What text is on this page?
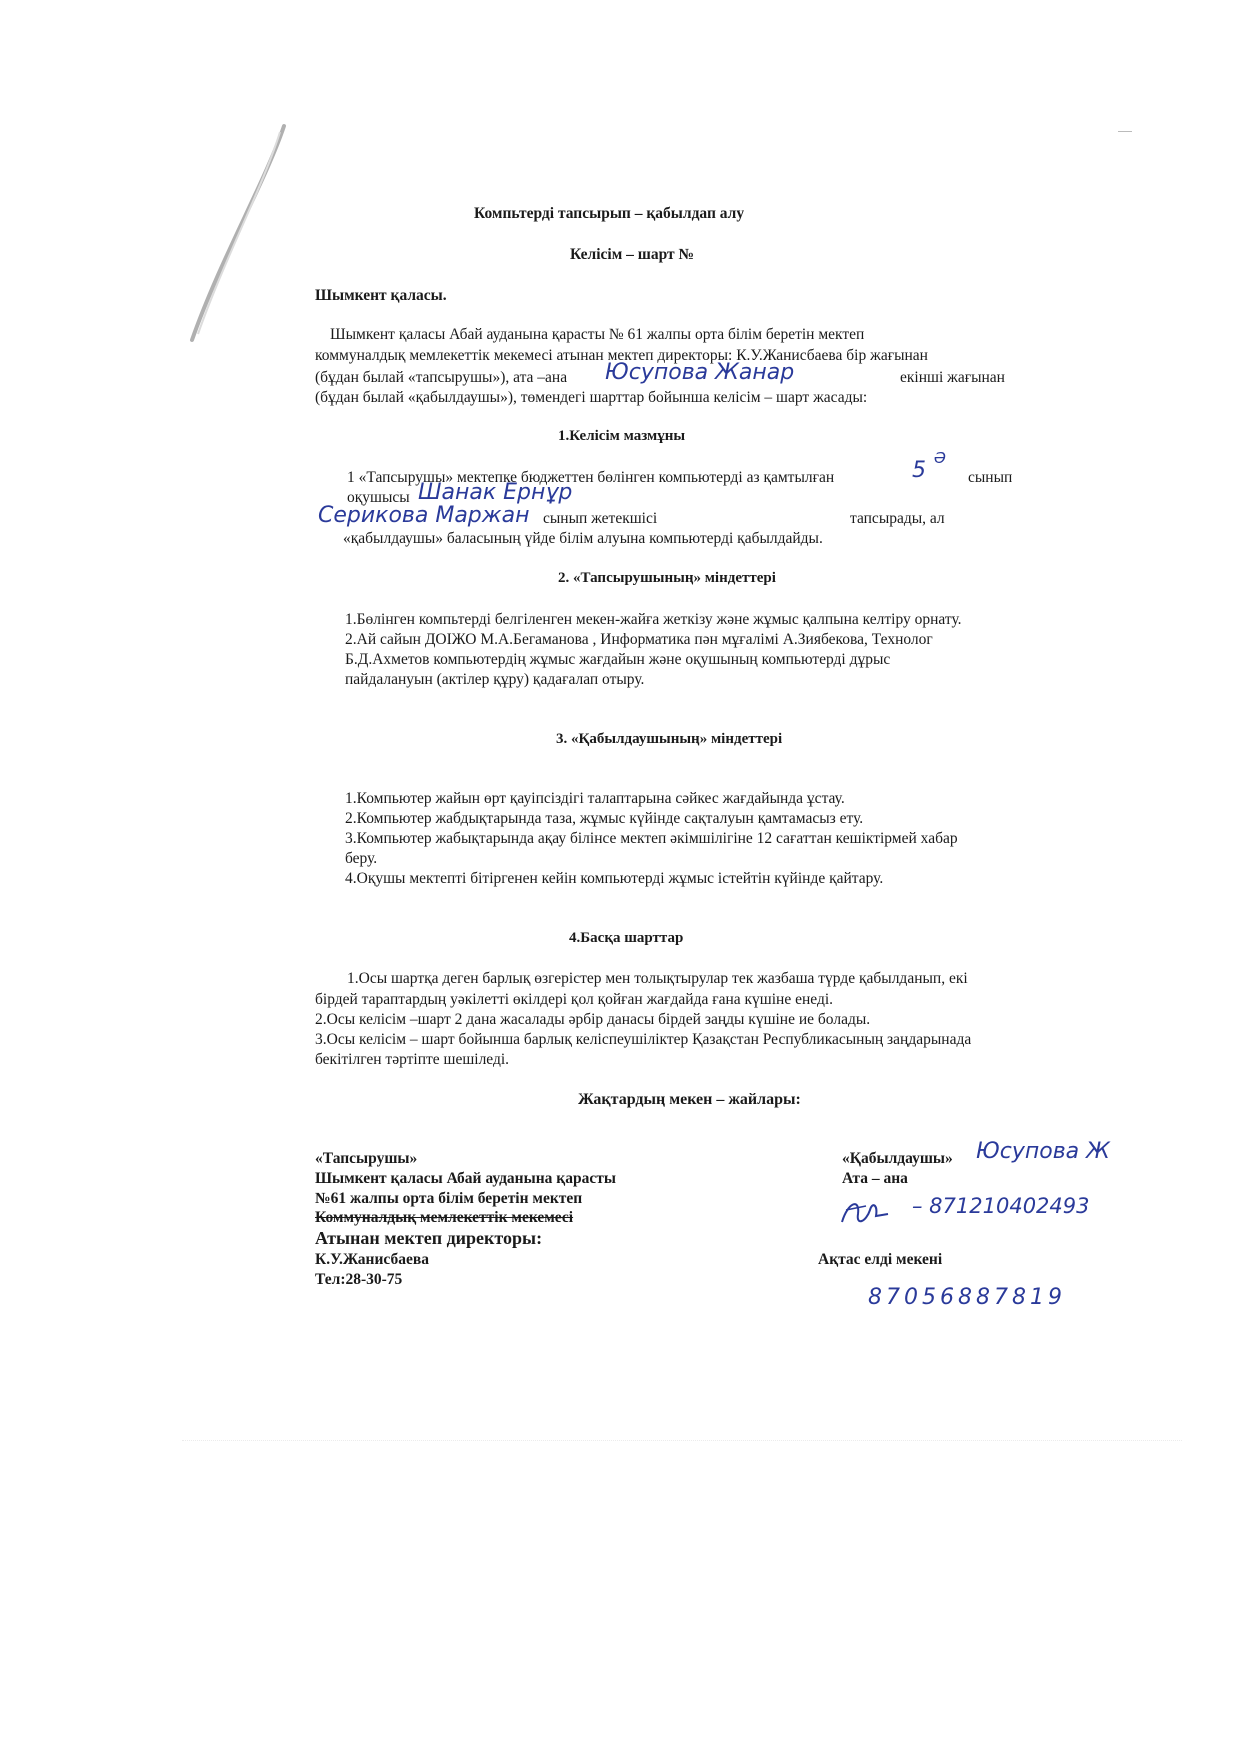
Компьтерді тапсырып – қабылдап алу
Келісім – шарт №
Шымкент қаласы.
Шымкент қаласы Абай ауданына қарасты № 61 жалпы орта білім беретін мектеп
коммуналдық мемлекеттік мекемесі атынан мектеп директоры: К.У.Жанисбаева бір жағынан
(бұдан былай «тапсырушы»), ата –ана Юсупова Жанар	екінші жағынан
(бұдан былай «қабылдаушы»), төмендегі шарттар бойынша келісім – шарт жасады:
1.Келісім мазмұны
1 «Тапсырушы» мектепке бюджеттен бөлінген компьютерді аз қамтылған	5 Ә
сынып
оқушысы Шанак Ернұр
Серикова Маржан сынып жетекшісі	тапсырады, ал
«қабылдаушы» баласының үйде білім алуына компьютерді қабылдайды.
2. «Тапсырушының» міндеттері
1.Бөлінген компьтерді белгіленген мекен-жайға жеткізу және жұмыс қалпына келтіру орнату.
2.Ай сайын ДОІЖО М.А.Бегаманова , Информатика пән мұғалімі А.Зиябекова, Технолог
Б.Д.Ахметов компьютердің жұмыс жағдайын және оқушының компьютерді дұрыс
пайдалануын (актілер құру) қадағалап отыру.
3. «Қабылдаушының» міндеттері
1.Компьютер жайын өрт қауіпсіздігі талаптарына сәйкес жағдайында ұстау.
2.Компьютер жабдықтарында таза, жұмыс күйінде сақталуын қамтамасыз ету.
3.Компьютер жабықтарында ақау білінсе мектеп әкімшілігіне 12 сағаттан кешіктірмей хабар
беру.
4.Оқушы мектепті бітіргенен кейін компьютерді жұмыс істейтін күйінде қайтару.
4.Басқа шарттар
1.Осы шартқа деген барлық өзгерістер мен толықтырулар тек жазбаша түрде қабылданып, екі
бірдей тараптардың уәкілетті өкілдері қол қойған жағдайда ғана күшіне енеді.
2.Осы келісім –шарт 2 дана жасалады әрбір данасы бірдей заңды күшіне ие болады.
3.Осы келісім – шарт бойынша барлық келіспеушіліктер Қазақстан Республикасының заңдарынада
бекітілген тәртіпте шешіледі.
Жақтардың мекен – жайлары:
«Тапсырушы»
Шымкент қаласы Абай ауданына қарасты
№61 жалпы орта білім беретін мектеп
Коммуналдық мемлекеттік мекемесі
Атынан мектеп директоры:
К.У.Жанисбаева
Тел:28-30-75
«Қабылдаушы» Юсупова Ж
Ата – ана
– 871210402493
Ақтас елді мекені
87056887819
